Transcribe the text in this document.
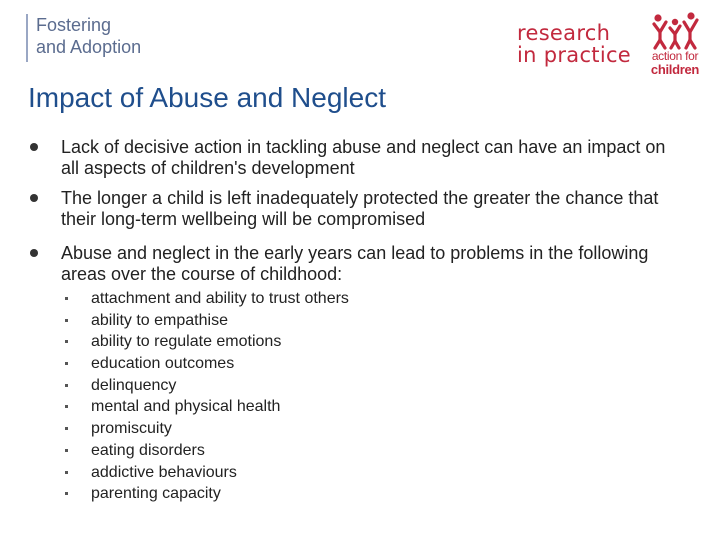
Fostering
and Adoption
research
in practice	action for
children
Impact of Abuse and Neglect
Lack of decisive action in tackling abuse and neglect can have an impact on all aspects of children's development
The longer a child is left inadequately protected the greater the chance that their long-term wellbeing will be compromised
Abuse and neglect in the early years can lead to problems in the following areas over the course of childhood:
attachment and ability to trust others
ability to empathise
ability to regulate emotions
education outcomes
delinquency
mental and physical health
promiscuity
eating disorders
addictive behaviours
parenting capacity
